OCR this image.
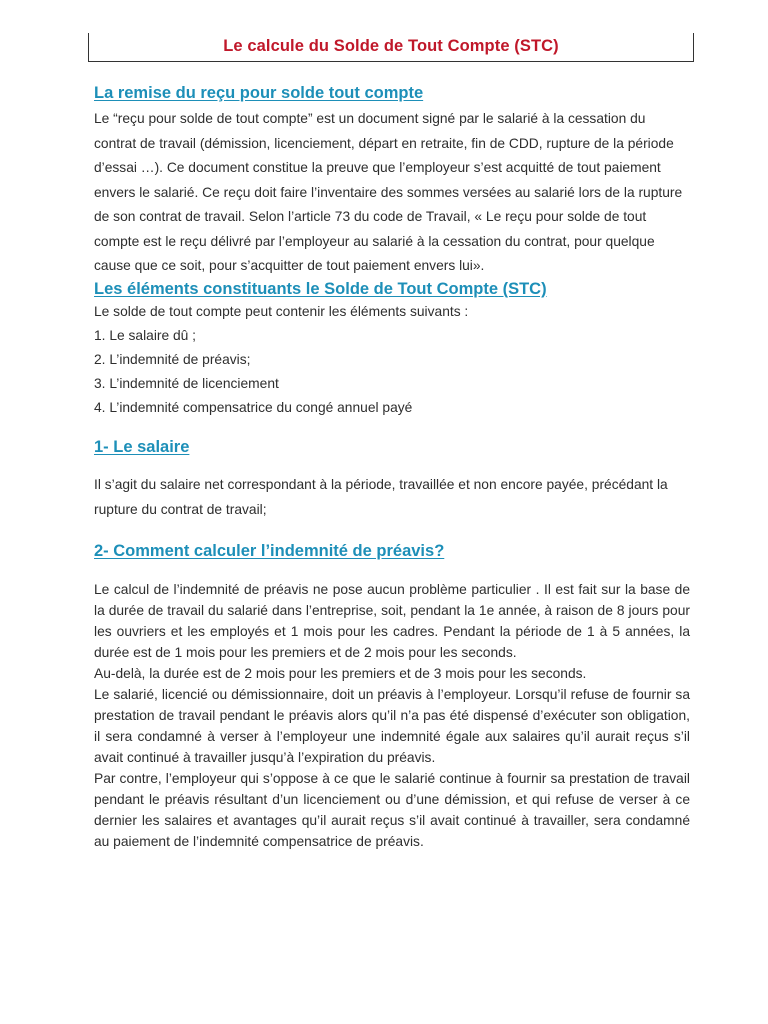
Le calcule du Solde de Tout Compte (STC)
La remise du reçu pour solde tout compte

Le “reçu pour solde de tout compte” est un document signé par le salarié à la cessation du contrat de travail (démission, licenciement, départ en retraite, fin de CDD, rupture de la période d’essai …). Ce document constitue la preuve que l’employeur s’est acquitté de tout paiement envers le salarié. Ce reçu doit faire l’inventaire des sommes versées au salarié lors de la rupture de son contrat de travail. Selon l’article 73 du code de Travail, « Le reçu pour solde de tout compte est le reçu délivré par l’employeur au salarié à la cessation du contrat, pour quelque cause que ce soit, pour s’acquitter de tout paiement envers lui».

Les éléments constituants le Solde de Tout Compte (STC)

Le solde de tout compte peut contenir les éléments suivants :

1. Le salaire dû ;
2. L’indemnité de préavis;
3. L’indemnité de licenciement
4. L’indemnité compensatrice du congé annuel payé
1- Le salaire

Il s’agit du salaire net correspondant à la période, travaillée et non encore payée, précédant la rupture du contrat de travail;

2- Comment calculer l’indemnité de préavis?

Le calcul de l’indemnité de préavis ne pose aucun problème particulier . Il est fait sur la base de la durée de travail du salarié dans l’entreprise, soit, pendant la 1e année, à raison de 8 jours pour les ouvriers et les employés et 1 mois pour les cadres. Pendant la période de 1 à 5 années, la durée est de 1 mois pour les premiers et de 2 mois pour les seconds.

Au-delà, la durée est de 2 mois pour les premiers et de 3 mois pour les seconds.

Le salarié, licencié ou démissionnaire, doit un préavis à l’employeur. Lorsqu’il refuse de fournir sa prestation de travail pendant le préavis alors qu’il n’a pas été dispensé d’exécuter son obligation, il sera condamné à verser à l’employeur une indemnité égale aux salaires qu’il aurait reçus s’il avait continué à travailler jusqu’à l’expiration du préavis.

Par contre, l’employeur qui s’oppose à ce que le salarié continue à fournir sa prestation de travail pendant le préavis résultant d’un licenciement ou d’une démission, et qui refuse de verser à ce dernier les salaires et avantages qu’il aurait reçus s’il avait continué à travailler, sera condamné au paiement de l’indemnité compensatrice de préavis.
